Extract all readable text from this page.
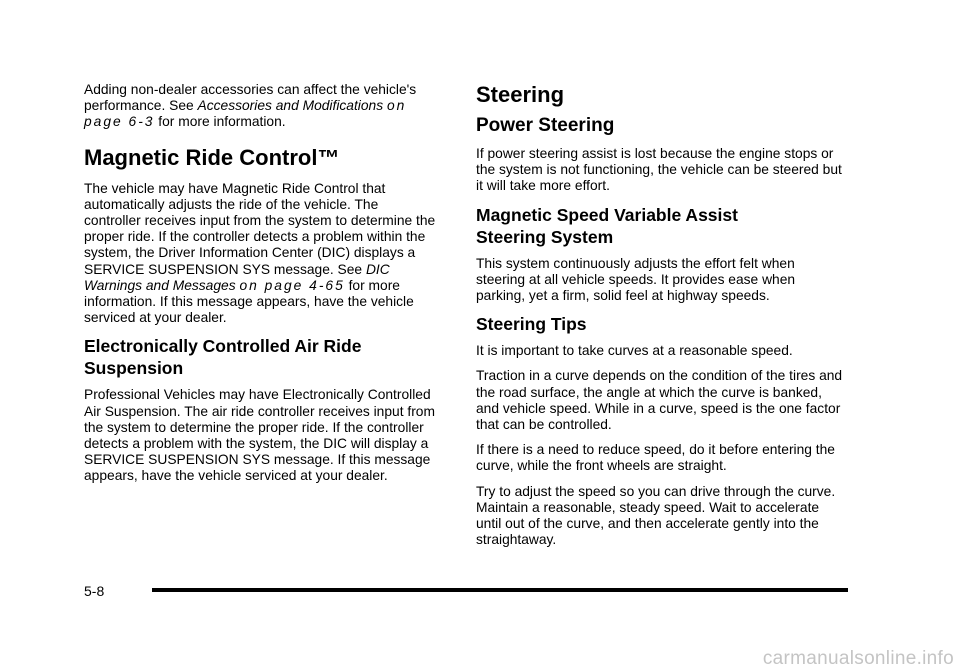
Adding non-dealer accessories can affect the vehicle's performance. See Accessories and Modifications on page 6-3 for more information.

Magnetic Ride Control™

The vehicle may have Magnetic Ride Control that automatically adjusts the ride of the vehicle. The controller receives input from the system to determine the proper ride. If the controller detects a problem within the system, the Driver Information Center (DIC) displays a SERVICE SUSPENSION SYS message. See DIC Warnings and Messages on page 4-65 for more information. If this message appears, have the vehicle serviced at your dealer.

Electronically Controlled Air Ride
Suspension

Professional Vehicles may have Electronically Controlled Air Suspension. The air ride controller receives input from the system to determine the proper ride. If the controller detects a problem with the system, the DIC will display a SERVICE SUSPENSION SYS message. If this message appears, have the vehicle serviced at your dealer.

Steering
Power Steering

If power steering assist is lost because the engine stops or the system is not functioning, the vehicle can be steered but it will take more effort.

Magnetic Speed Variable Assist
Steering System

This system continuously adjusts the effort felt when steering at all vehicle speeds. It provides ease when parking, yet a firm, solid feel at highway speeds.

Steering Tips

It is important to take curves at a reasonable speed.

Traction in a curve depends on the condition of the tires and the road surface, the angle at which the curve is banked, and vehicle speed. While in a curve, speed is the one factor that can be controlled.

If there is a need to reduce speed, do it before entering the curve, while the front wheels are straight.

Try to adjust the speed so you can drive through the curve. Maintain a reasonable, steady speed. Wait to accelerate until out of the curve, and then accelerate gently into the straightaway.

5-8
carmanualsonline.info
